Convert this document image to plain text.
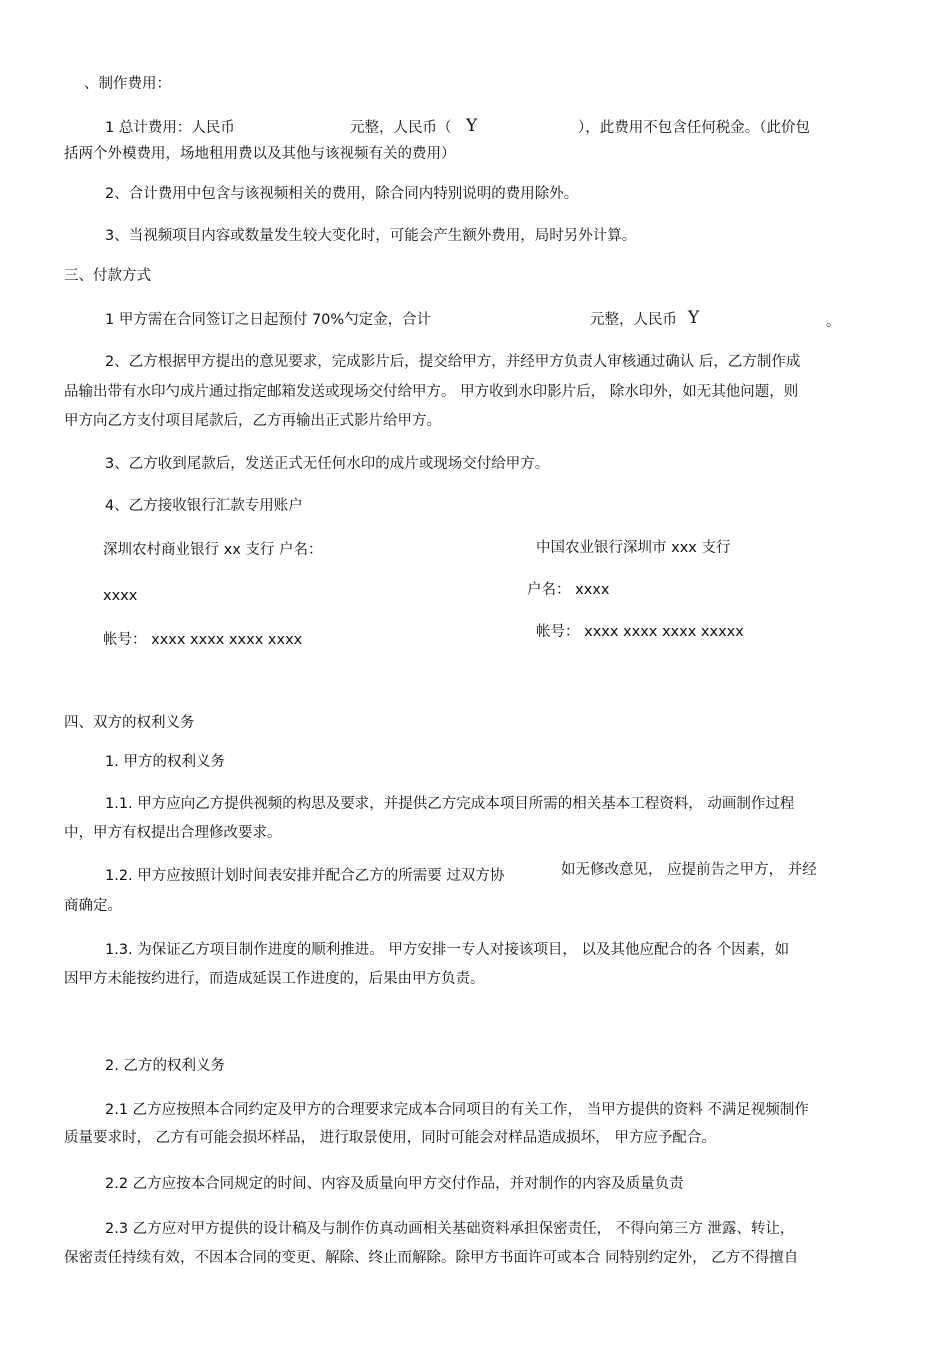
、制作费用：
1 总计费用：人民币	元整，人民币（ Y	），此费用不包含任何税金。（此价包
括两个外模费用，场地租用费以及其他与该视频有关的费用）
2、合计费用中包含与该视频相关的费用，除合同内特别说明的费用除外。
3、当视频项目内容或数量发生较大变化时，可能会产生额外费用，局时另外计算。
三、付款方式
1 甲方需在合同签订之日起预付 70%勺定金，合计	元整，人民币 Y	。
2、乙方根据甲方提出的意见要求，完成影片后，提交给甲方，并经甲方负责人审核通过确认 后，乙方制作成
品输出带有水印勺成片通过指定邮箱发送或现场交付给甲方。 甲方收到水印影片后， 除水印外，如无其他问题，则
甲方向乙方支付项目尾款后，乙方再输出正式影片给甲方。
3、乙方收到尾款后，发送正式无任何水印的成片或现场交付给甲方。
4、乙方接收银行汇款专用账户
深圳农村商业银行 xx 支行 户名：
xxxx
帐号： xxxx xxxx xxxx xxxx
中国农业银行深圳市 xxx 支行
户名： xxxx
帐号： xxxx xxxx xxxx xxxxx
四、双方的权利义务
1. 甲方的权利义务
1.1. 甲方应向乙方提供视频的构思及要求，并提供乙方完成本项目所需的相关基本工程资料， 动画制作过程
中，甲方有权提出合理修改要求。
1.2. 甲方应按照计划时间表安排并配合乙方的所需要 过双方协	如无修改意见， 应提前告之甲方， 并经
商确定。
1.3. 为保证乙方项目制作进度的顺利推进。 甲方安排一专人对接该项目， 以及其他应配合的各 个因素，如
因甲方未能按约进行，而造成延误工作进度的，后果由甲方负责。
2. 乙方的权利义务
2.1 乙方应按照本合同约定及甲方的合理要求完成本合同项目的有关工作， 当甲方提供的资料 不满足视频制作
质量要求时， 乙方有可能会损坏样品， 进行取景使用，同时可能会对样品造成损坏， 甲方应予配合。
2.2 乙方应按本合同规定的时间、内容及质量向甲方交付作品，并对制作的内容及质量负责
2.3 乙方应对甲方提供的设计稿及与制作仿真动画相关基础资料承担保密责任， 不得向第三方 泄露、转让，
保密责任持续有效，不因本合同的变更、解除、终止而解除。除甲方书面许可或本合 同特别约定外， 乙方不得擅自
